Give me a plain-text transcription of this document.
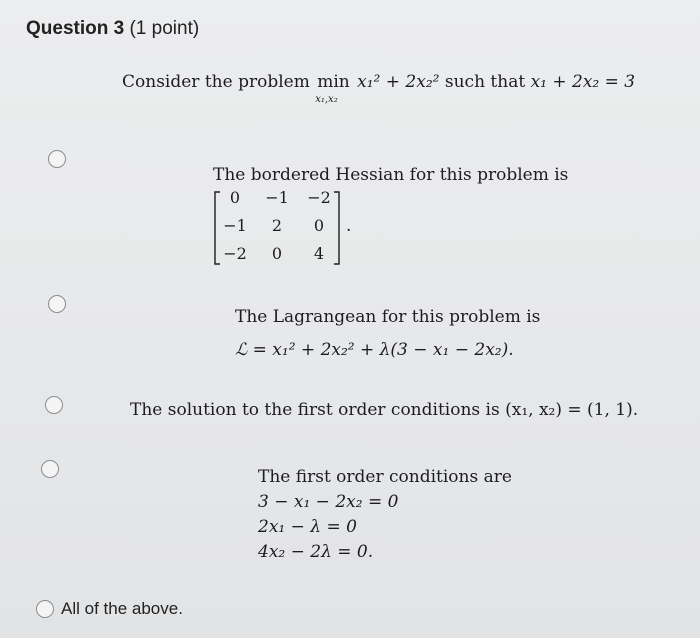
Question 3 (1 point)
Consider the problem min
x₁,x₂
x₁² + 2x₂² such that x₁ + 2x₂ = 3
The bordered Hessian for this problem is
0	−1 −2
−1	2	0
−2	0	4
.
The Lagrangean for this problem is
ℒ = x₁² + 2x₂² + λ(3 − x₁ − 2x₂).
The solution to the first order conditions is (x₁, x₂) = (1, 1).
The first order conditions are
3 − x₁ − 2x₂ = 0
2x₁ − λ = 0
4x₂ − 2λ = 0.
All of the above.
